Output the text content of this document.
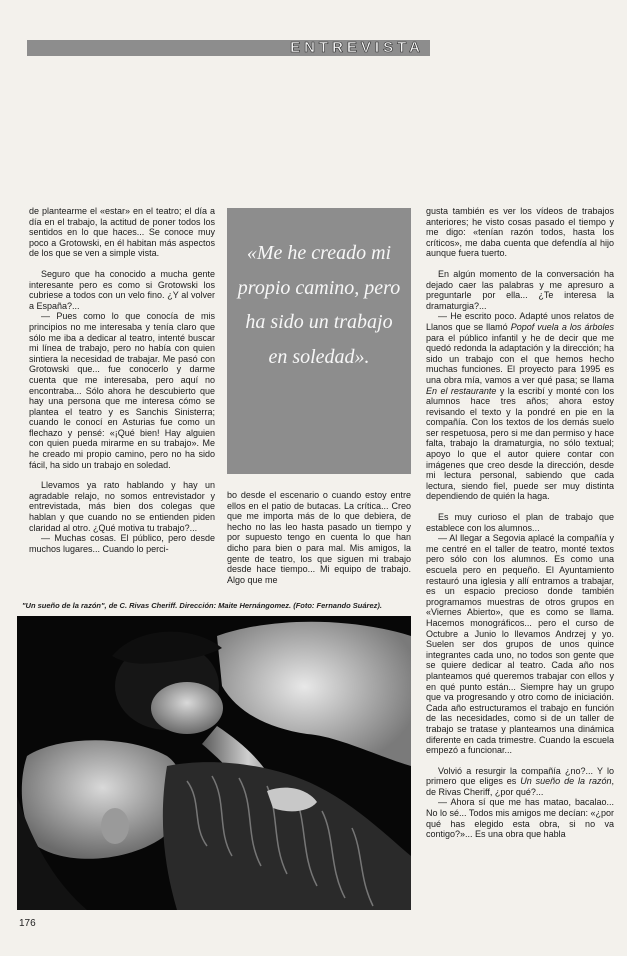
ENTREVISTA

de plantearme el «estar» en el teatro; el día a día en el trabajo, la actitud de poner todos los sentidos en lo que haces... Se conoce muy poco a Grotowski, en él habitan más aspectos de los que se ven a simple vista.

Seguro que ha conocido a mucha gente interesante pero es como si Grotowski los cubriese a todos con un velo fino. ¿Y al volver a España?...

— Pues como lo que conocía de mis principios no me interesaba y tenía claro que sólo me iba a dedicar al teatro, intenté buscar mi línea de trabajo, pero no había con quien sintiera la necesidad de trabajar. Me pasó con Grotowski que... fue conocerlo y darme cuenta que me interesaba, pero aquí no encontraba... Sólo ahora he descubierto que hay una persona que me interesa cómo se plantea el teatro y es Sanchis Sinisterra; cuando le conocí en Asturias fue como un flechazo y pensé: «¡Qué bien! Hay alguien con quien pueda mirarme en su trabajo». Me he creado mi propio camino, pero no ha sido fácil, ha sido un trabajo en soledad.

Llevamos ya rato hablando y hay un agradable relajo, no somos entrevistador y entrevistada, más bien dos colegas que hablan y que cuando no se entienden piden claridad al otro. ¿Qué motiva tu trabajo?...

— Muchas cosas. El público, pero desde muchos lugares... Cuando lo perci-

«Me he creado mi propio camino, pero ha sido un trabajo en soledad».

bo desde el escenario o cuando estoy entre ellos en el patio de butacas. La crítica... Creo que me importa más de lo que debiera, de hecho no las leo hasta pasado un tiempo y por supuesto tengo en cuenta lo que han dicho para bien o para mal. Mis amigos, la gente de teatro, los que siguen mi trabajo desde hace tiempo... Mi equipo de trabajo. Algo que me

gusta también es ver los vídeos de trabajos anteriores; he visto cosas pasado el tiempo y me digo: «tenían razón todos, hasta los críticos», me daba cuenta que defendía al hijo aunque fuera tuerto.

En algún momento de la conversación ha dejado caer las palabras y me apresuro a preguntarle por ella... ¿Te interesa la dramaturgia?...

— He escrito poco. Adapté unos relatos de Llanos que se llamó Popof vuela a los árboles para el público infantil y he de decir que me quedó redonda la adaptación y la dirección; ha sido un trabajo con el que hemos hecho muchas funciones. El proyecto para 1995 es una obra mía, vamos a ver qué pasa; se llama En el restaurante y la escribí y monté con los alumnos hace tres años; ahora estoy revisando el texto y la pondré en pie en la compañía. Con los textos de los demás suelo ser respetuosa, pero si me dan permiso y hace falta, trabajo la dramaturgia, no sólo textual; apoyo lo que el autor quiere contar con imágenes que creo desde la dirección, desde mi lectura personal, sabiendo que cada lectura, siendo fiel, puede ser muy distinta dependiendo de quién la haga.

Es muy curioso el plan de trabajo que establece con los alumnos...

— Al llegar a Segovia aplacé la compañía y me centré en el taller de teatro, monté textos pero sólo con los alumnos. Es como una escuela pero en pequeño. El Ayuntamiento restauró una iglesia y allí entramos a trabajar, es un espacio precioso donde también programamos muestras de otros grupos en «Viernes Abierto», que es como se llama. Hacemos monográficos... pero el curso de Octubre a Junio lo llevamos Andrzej y yo. Suelen ser dos grupos de unos quince integrantes cada uno, no todos son gente que se quiere dedicar al teatro. Cada año nos planteamos qué queremos trabajar con ellos y en qué punto están... Siempre hay un grupo que va progresando y otro como de iniciación. Cada año estructuramos el trabajo en función de las necesidades, como si de un taller de trabajo se tratase y planteamos una dinámica diferente en cada trimestre. Cuando la escuela empezó a funcionar...

Volvió a resurgir la compañía ¿no?... Y lo primero que eliges es Un sueño de la razón, de Rivas Cheriff, ¿por qué?...

— Ahora sí que me has matao, bacalao... No lo sé... Todos mis amigos me decían: «¿por qué has elegido esta obra, si no va contigo?»... Es una obra que habla

"Un sueño de la razón", de C. Rivas Cheriff. Dirección: Maite Hernángomez. (Foto: Fernando Suárez).
176
